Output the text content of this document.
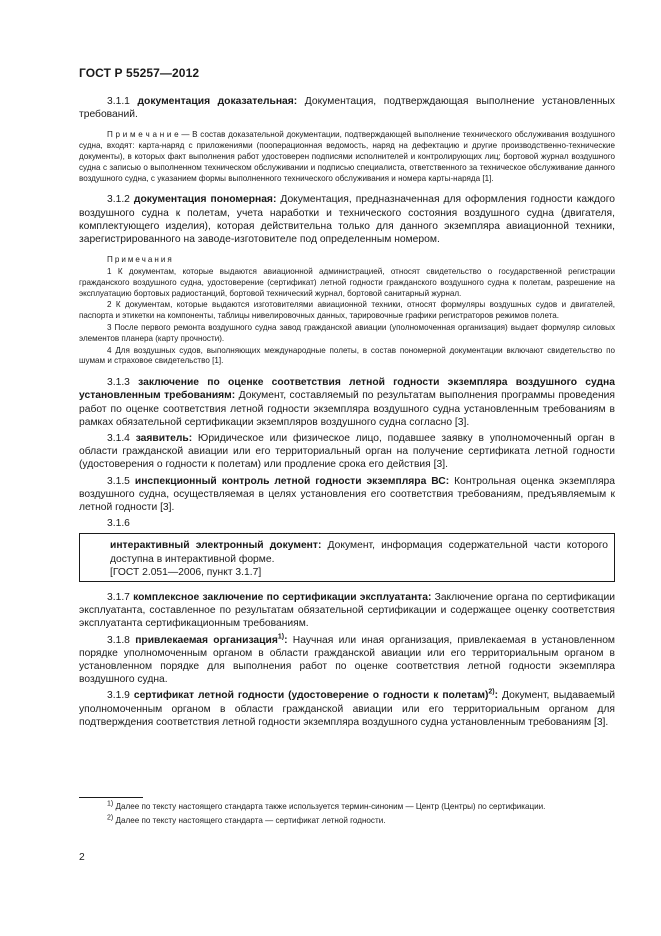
ГОСТ Р 55257—2012

3.1.1 документация доказательная: Документация, подтверждающая выполнение установленных требований.

П р и м е ч а н и е — В состав доказательной документации, подтверждающей выполнение технического обслуживания воздушного судна, входят: карта-наряд с приложениями (пооперационная ведомость, наряд на дефектацию и другие производственно-технические документы), в которых факт выполнения работ удостоверен подписями исполнителей и контролирующих лиц; бортовой журнал воздушного судна с записью о выполненном техническом обслуживании и подписью специалиста, ответственного за техническое обслуживание данного воздушного судна, с указанием формы выполненного технического обслуживания и номера карты-наряда [1].

3.1.2 документация пономерная: Документация, предназначенная для оформления годности каждого воздушного судна к полетам, учета наработки и технического состояния воздушного судна (двигателя, комплектующего изделия), которая действительна только для данного экземпляра авиационной техники, зарегистрированного на заводе-изготовителе под определенным номером.

Примечания

1 К документам, которые выдаются авиационной администрацией, относят свидетельство о государственной регистрации гражданского воздушного судна, удостоверение (сертификат) летной годности гражданского воздушного судна к полетам, разрешение на эксплуатацию бортовых радиостанций, бортовой технический журнал, бортовой санитарный журнал.

2 К документам, которые выдаются изготовителями авиационной техники, относят формуляры воздушных судов и двигателей, паспорта и этикетки на компоненты, таблицы нивелировочных данных, тарировочные графики регистраторов режимов полета.

3 После первого ремонта воздушного судна завод гражданской авиации (уполномоченная организация) выдает формуляр силовых элементов планера (карту прочности).

4 Для воздушных судов, выполняющих международные полеты, в состав пономерной документации включают свидетельство по шумам и страховое свидетельство [1].

3.1.3 заключение по оценке соответствия летной годности экземпляра воздушного судна установленным требованиям: Документ, составляемый по результатам выполнения программы проведения работ по оценке соответствия летной годности экземпляра воздушного судна установленным требованиям в рамках обязательной сертификации экземпляров воздушного судна согласно [3].

3.1.4 заявитель: Юридическое или физическое лицо, подавшее заявку в уполномоченный орган в области гражданской авиации или его территориальный орган на получение сертификата летной годности (удостоверения о годности к полетам) или продление срока его действия [3].

3.1.5 инспекционный контроль летной годности экземпляра ВС: Контрольная оценка экземпляра воздушного судна, осуществляемая в целях установления его соответствия требованиям, предъявляемым к летной годности [3].

3.1.6

интерактивный электронный документ: Документ, информация содержательной части которого доступна в интерактивной форме.

[ГОСТ 2.051—2006, пункт 3.1.7]

3.1.7 комплексное заключение по сертификации эксплуатанта: Заключение органа по сертификации эксплуатанта, составленное по результатам обязательной сертификации и содержащее оценку соответствия эксплуатанта сертификационным требованиям.

3.1.8 привлекаемая организация$^{1)}$: Научная или иная организация, привлекаемая в установленном порядке уполномоченным органом в области гражданской авиации или его территориальным органом в установленном порядке для выполнения работ по оценке соответствия летной годности экземпляра воздушного судна.

3.1.9 сертификат летной годности (удостоверение о годности к полетам)$^{2)}$: Документ, выдаваемый уполномоченным органом в области гражданской авиации или его территориальным органом для подтверждения соответствия летной годности экземпляра воздушного судна установленным требованиям [3].

$^{1)}$ Далее по тексту настоящего стандарта также используется термин-синоним — Центр (Центры) по сертификации.

$^{2)}$ Далее по тексту настоящего стандарта — сертификат летной годности.

2
